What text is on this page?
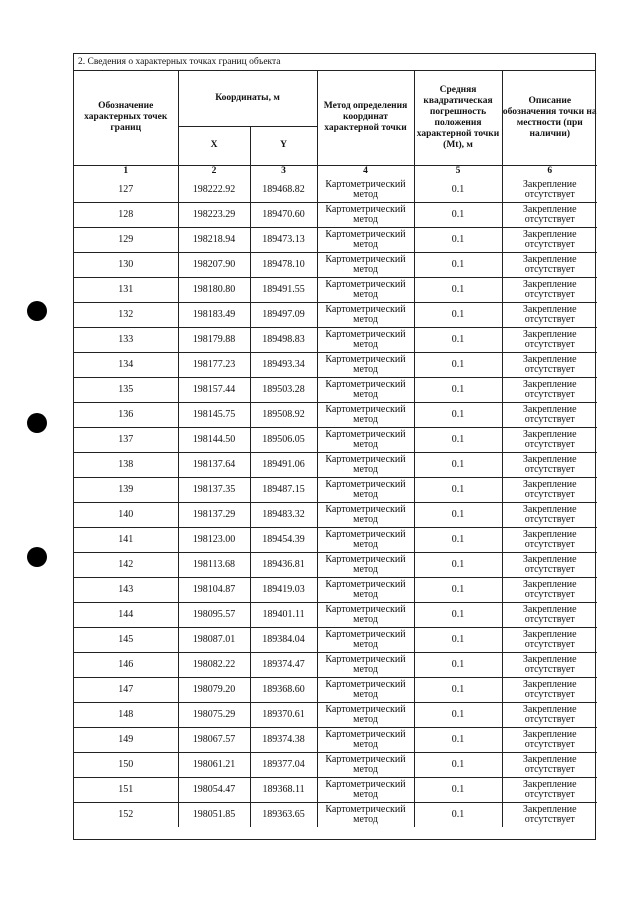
2. Сведения о характерных точках границ объекта
Обозначение характерных точек границ	Координаты, м		Метод определения координат характерной точки	Средняя квадратическая погрешность положения характерной точки (Mt), м	Описание обозначения точки на местности (при наличии)
	X	Y			
1	2	3	4	5	6
127	198222.92	189468.82	Картометрический метод	0.1	Закрепление отсутствует
128	198223.29	189470.60	Картометрический метод	0.1	Закрепление отсутствует
129	198218.94	189473.13	Картометрический метод	0.1	Закрепление отсутствует
130	198207.90	189478.10	Картометрический метод	0.1	Закрепление отсутствует
131	198180.80	189491.55	Картометрический метод	0.1	Закрепление отсутствует
132	198183.49	189497.09	Картометрический метод	0.1	Закрепление отсутствует
133	198179.88	189498.83	Картометрический метод	0.1	Закрепление отсутствует
134	198177.23	189493.34	Картометрический метод	0.1	Закрепление отсутствует
135	198157.44	189503.28	Картометрический метод	0.1	Закрепление отсутствует
136	198145.75	189508.92	Картометрический метод	0.1	Закрепление отсутствует
137	198144.50	189506.05	Картометрический метод	0.1	Закрепление отсутствует
138	198137.64	189491.06	Картометрический метод	0.1	Закрепление отсутствует
139	198137.35	189487.15	Картометрический метод	0.1	Закрепление отсутствует
140	198137.29	189483.32	Картометрический метод	0.1	Закрепление отсутствует
141	198123.00	189454.39	Картометрический метод	0.1	Закрепление отсутствует
142	198113.68	189436.81	Картометрический метод	0.1	Закрепление отсутствует
143	198104.87	189419.03	Картометрический метод	0.1	Закрепление отсутствует
144	198095.57	189401.11	Картометрический метод	0.1	Закрепление отсутствует
145	198087.01	189384.04	Картометрический метод	0.1	Закрепление отсутствует
146	198082.22	189374.47	Картометрический метод	0.1	Закрепление отсутствует
147	198079.20	189368.60	Картометрический метод	0.1	Закрепление отсутствует
148	198075.29	189370.61	Картометрический метод	0.1	Закрепление отсутствует
149	198067.57	189374.38	Картометрический метод	0.1	Закрепление отсутствует
150	198061.21	189377.04	Картометрический метод	0.1	Закрепление отсутствует
151	198054.47	189368.11	Картометрический метод	0.1	Закрепление отсутствует
152	198051.85	189363.65	Картометрический метод	0.1	Закрепление отсутствует
